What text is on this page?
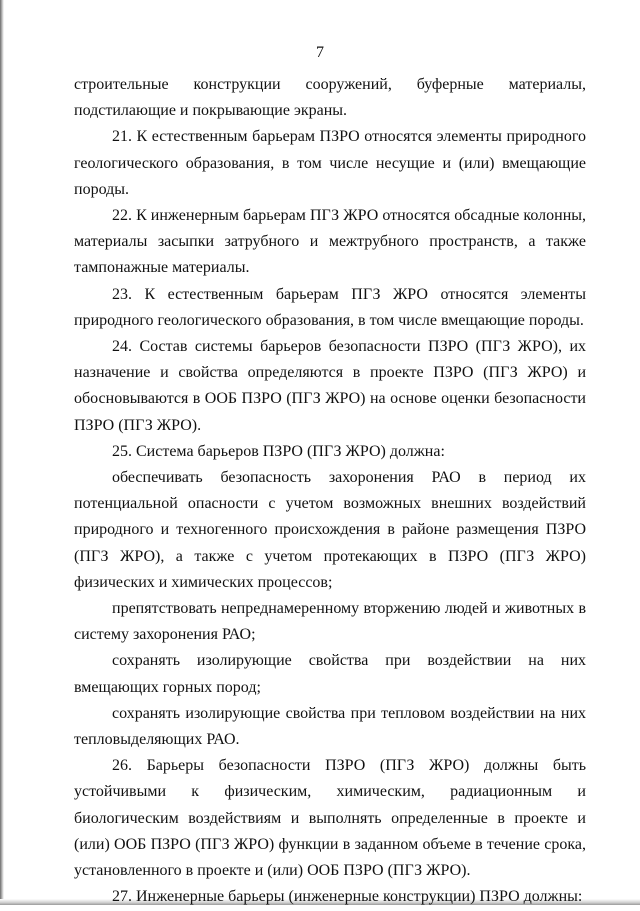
7

строительные конструкции сооружений, буферные материалы, подстилающие и покрывающие экраны.

21. К естественным барьерам ПЗРО относятся элементы природного геологического образования, в том числе несущие и (или) вмещающие породы.

22. К инженерным барьерам ПГЗ ЖРО относятся обсадные колонны, материалы засыпки затрубного и межтрубного пространств, а также тампонажные материалы.

23. К естественным барьерам ПГЗ ЖРО относятся элементы природного геологического образования, в том числе вмещающие породы.

24. Состав системы барьеров безопасности ПЗРО (ПГЗ ЖРО), их назначение и свойства определяются в проекте ПЗРО (ПГЗ ЖРО) и обосновываются в ООБ ПЗРО (ПГЗ ЖРО) на основе оценки безопасности ПЗРО (ПГЗ ЖРО).

25. Система барьеров ПЗРО (ПГЗ ЖРО) должна:

обеспечивать безопасность захоронения РАО в период их потенциальной опасности с учетом возможных внешних воздействий природного и техногенного происхождения в районе размещения ПЗРО (ПГЗ ЖРО), а также с учетом протекающих в ПЗРО (ПГЗ ЖРО) физических и химических процессов;

препятствовать непреднамеренному вторжению людей и животных в систему захоронения РАО;

сохранять изолирующие свойства при воздействии на них вмещающих горных пород;

сохранять изолирующие свойства при тепловом воздействии на них тепловыделяющих РАО.

26. Барьеры безопасности ПЗРО (ПГЗ ЖРО) должны быть устойчивыми к физическим, химическим, радиационным и биологическим воздействиям и выполнять определенные в проекте и (или) ООБ ПЗРО (ПГЗ ЖРО) функции в заданном объеме в течение срока, установленного в проекте и (или) ООБ ПЗРО (ПГЗ ЖРО).

27. Инженерные барьеры (инженерные конструкции) ПЗРО должны:
